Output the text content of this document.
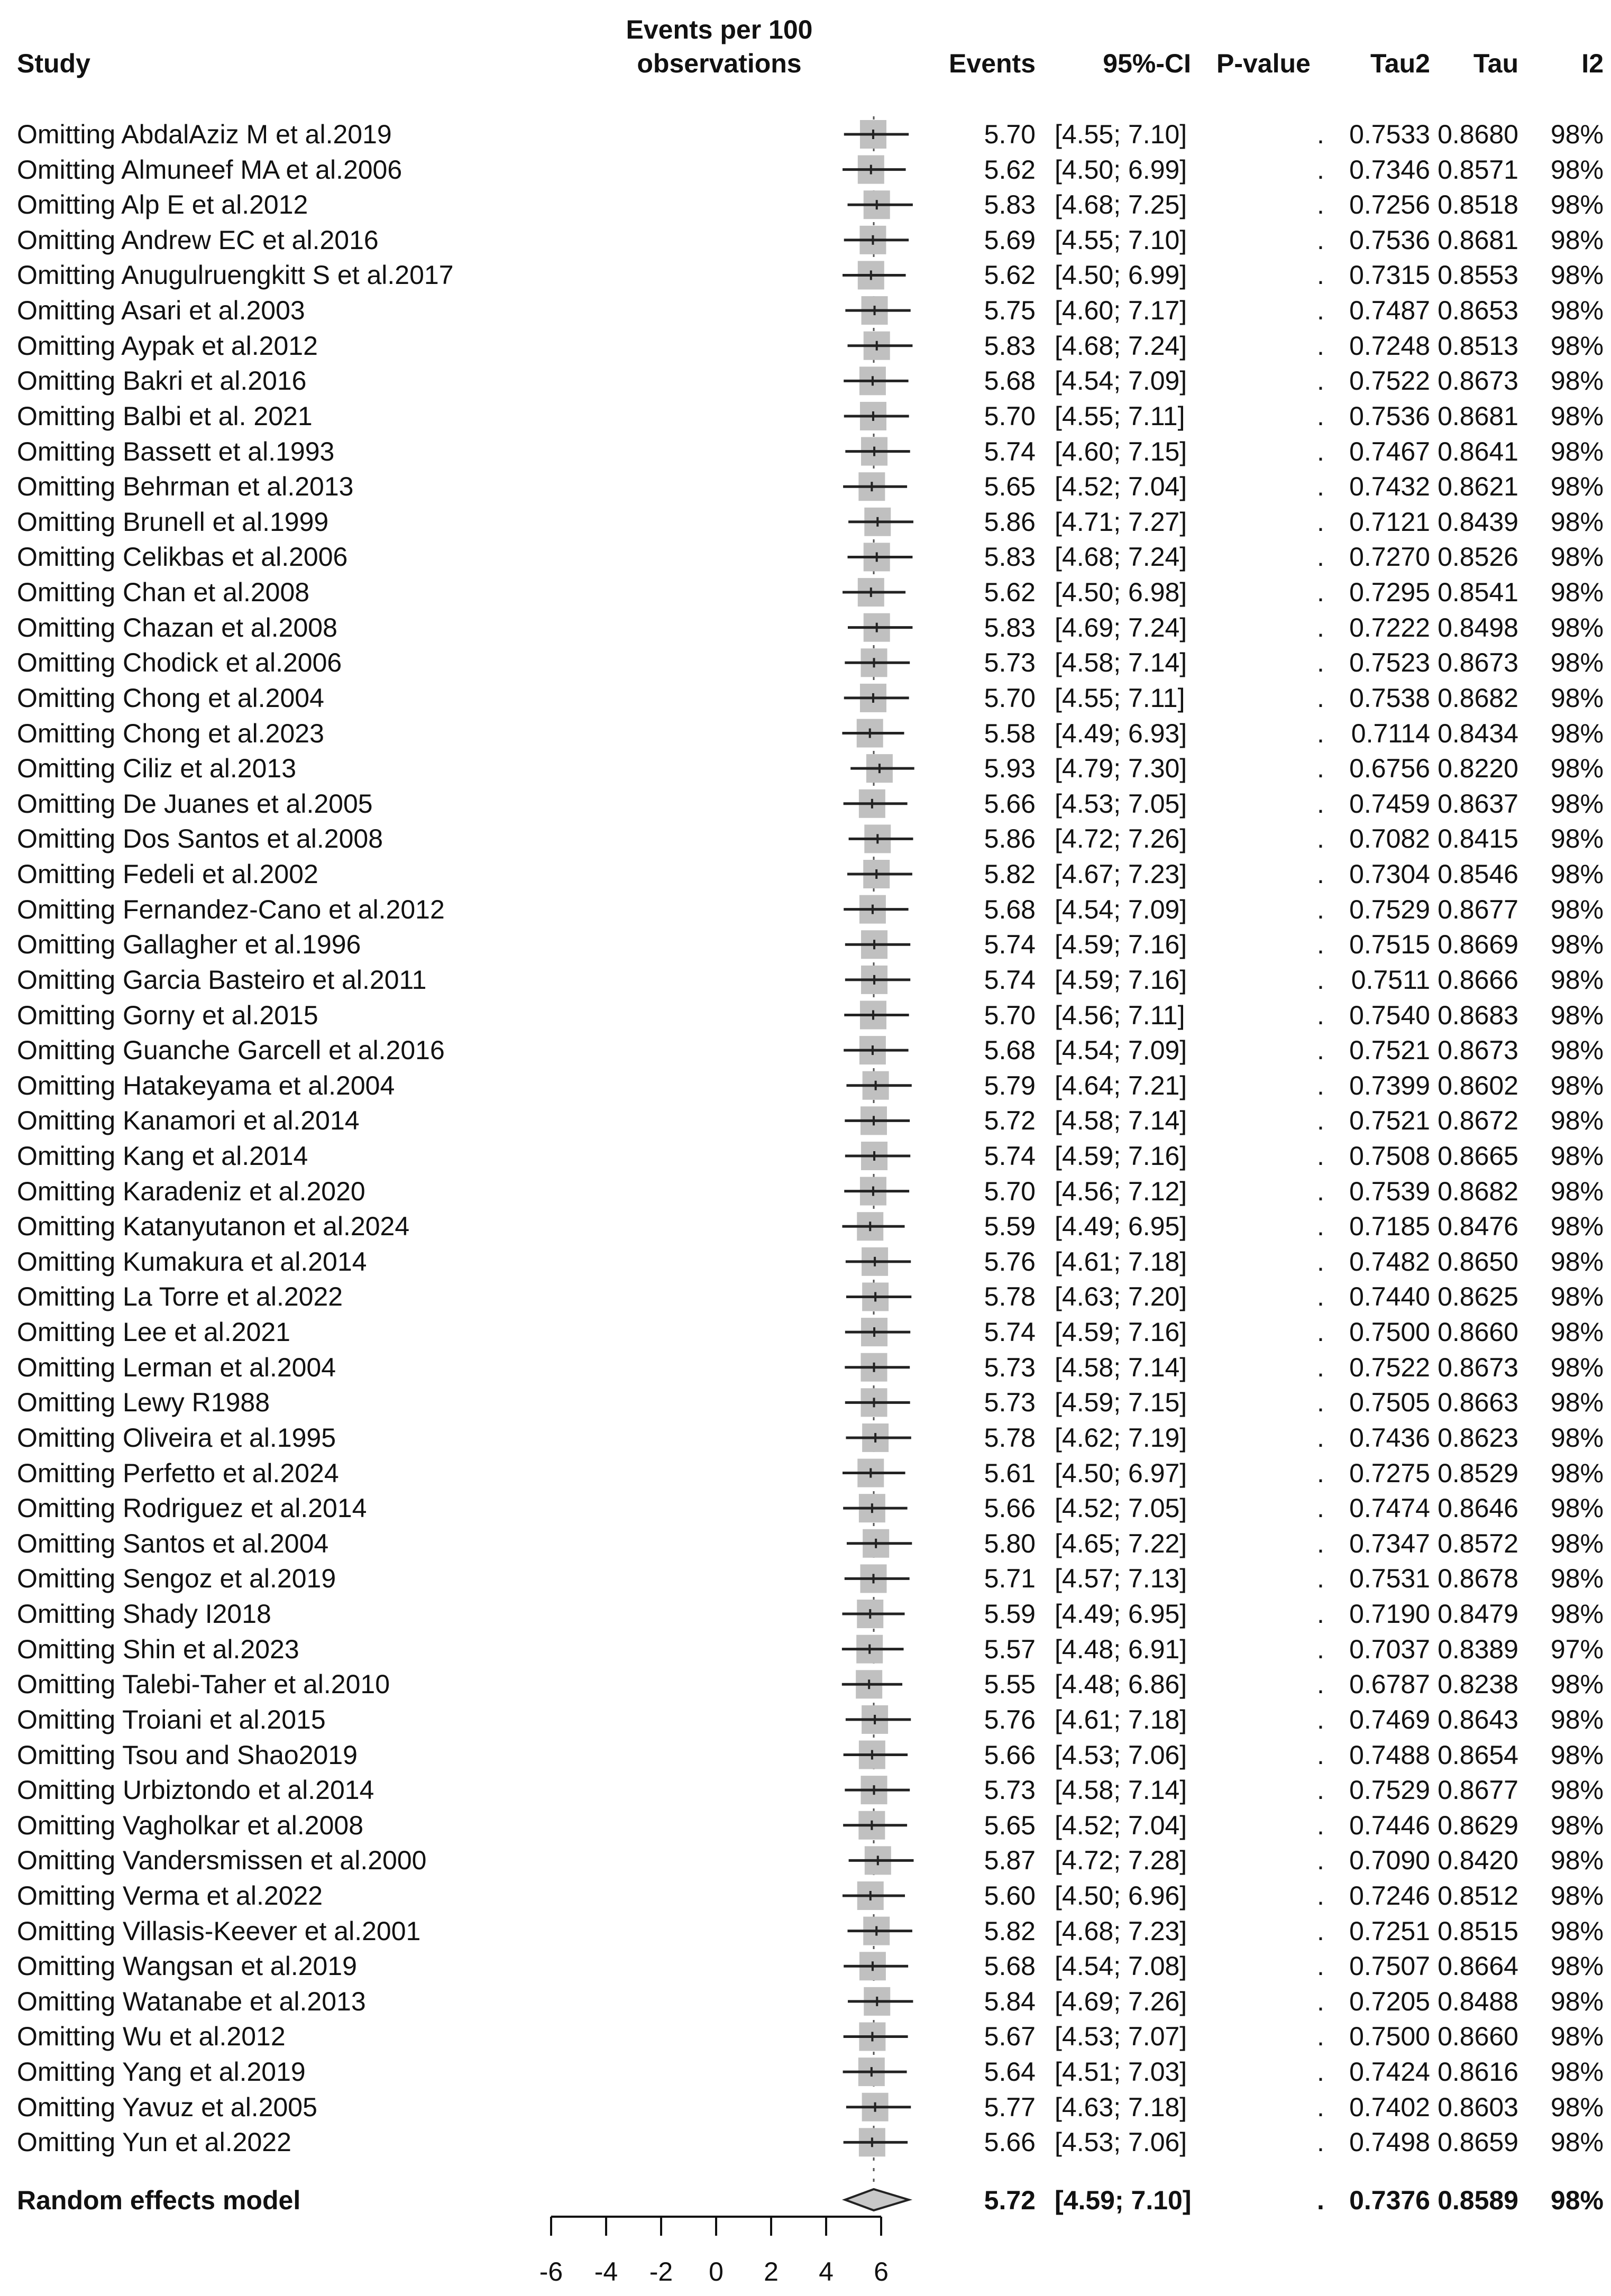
Study
Events per 100
observations	Events	95%-CI P-value Tau2 Tau I2
Omitting AbdalAziz M et al.2019	5.70 [4.55; 7.10]	. 0.7533 0.8680 98%
Omitting Almuneef MA et al.2006	5.62 [4.50; 6.99]	. 0.7346 0.8571 98%
Omitting Alp E et al.2012	5.83 [4.68; 7.25]	. 0.7256 0.8518 98%
Omitting Andrew EC et al.2016	5.69 [4.55; 7.10]	. 0.7536 0.8681 98%
Omitting Anugulruengkitt S et al.2017	5.62 [4.50; 6.99]	. 0.7315 0.8553 98%
Omitting Asari et al.2003	5.75 [4.60; 7.17]	. 0.7487 0.8653 98%
Omitting Aypak et al.2012	5.83 [4.68; 7.24]	. 0.7248 0.8513 98%
Omitting Bakri et al.2016	5.68 [4.54; 7.09]	. 0.7522 0.8673 98%
Omitting Balbi et al. 2021	5.70 [4.55; 7.11]	. 0.7536 0.8681 98%
Omitting Bassett et al.1993	5.74 [4.60; 7.15]	. 0.7467 0.8641 98%
Omitting Behrman et al.2013	5.65 [4.52; 7.04]	. 0.7432 0.8621 98%
Omitting Brunell et al.1999	5.86 [4.71; 7.27]	. 0.7121 0.8439 98%
Omitting Celikbas et al.2006	5.83 [4.68; 7.24]	. 0.7270 0.8526 98%
Omitting Chan et al.2008	5.62 [4.50; 6.98]	. 0.7295 0.8541 98%
Omitting Chazan et al.2008	5.83 [4.69; 7.24]	. 0.7222 0.8498 98%
Omitting Chodick et al.2006	5.73 [4.58; 7.14]	. 0.7523 0.8673 98%
Omitting Chong et al.2004	5.70 [4.55; 7.11]	. 0.7538 0.8682 98%
Omitting Chong et al.2023	5.58 [4.49; 6.93]	. 0.7114 0.8434 98%
Omitting Ciliz et al.2013	5.93 [4.79; 7.30]	. 0.6756 0.8220 98%
Omitting De Juanes et al.2005	5.66 [4.53; 7.05]	. 0.7459 0.8637 98%
Omitting Dos Santos et al.2008	5.86 [4.72; 7.26]	. 0.7082 0.8415 98%
Omitting Fedeli et al.2002	5.82 [4.67; 7.23]	. 0.7304 0.8546 98%
Omitting Fernandez-Cano et al.2012	5.68 [4.54; 7.09]	. 0.7529 0.8677 98%
Omitting Gallagher et al.1996	5.74 [4.59; 7.16]	. 0.7515 0.8669 98%
Omitting Garcia Basteiro et al.2011	5.74 [4.59; 7.16]	. 0.7511 0.8666 98%
Omitting Gorny et al.2015	5.70 [4.56; 7.11]	. 0.7540 0.8683 98%
Omitting Guanche Garcell et al.2016	5.68 [4.54; 7.09]	. 0.7521 0.8673 98%
Omitting Hatakeyama et al.2004	5.79 [4.64; 7.21]	. 0.7399 0.8602 98%
Omitting Kanamori et al.2014	5.72 [4.58; 7.14]	. 0.7521 0.8672 98%
Omitting Kang et al.2014	5.74 [4.59; 7.16]	. 0.7508 0.8665 98%
Omitting Karadeniz et al.2020	5.70 [4.56; 7.12]	. 0.7539 0.8682 98%
Omitting Katanyutanon et al.2024	5.59 [4.49; 6.95]	. 0.7185 0.8476 98%
Omitting Kumakura et al.2014	5.76 [4.61; 7.18]	. 0.7482 0.8650 98%
Omitting La Torre et al.2022	5.78 [4.63; 7.20]	. 0.7440 0.8625 98%
Omitting Lee et al.2021	5.74 [4.59; 7.16]	. 0.7500 0.8660 98%
Omitting Lerman et al.2004	5.73 [4.58; 7.14]	. 0.7522 0.8673 98%
Omitting Lewy R1988	5.73 [4.59; 7.15]	. 0.7505 0.8663 98%
Omitting Oliveira et al.1995	5.78 [4.62; 7.19]	. 0.7436 0.8623 98%
Omitting Perfetto et al.2024	5.61 [4.50; 6.97]	. 0.7275 0.8529 98%
Omitting Rodriguez et al.2014	5.66 [4.52; 7.05]	. 0.7474 0.8646 98%
Omitting Santos et al.2004	5.80 [4.65; 7.22]	. 0.7347 0.8572 98%
Omitting Sengoz et al.2019	5.71 [4.57; 7.13]	. 0.7531 0.8678 98%
Omitting Shady I2018	5.59 [4.49; 6.95]	. 0.7190 0.8479 98%
Omitting Shin et al.2023	5.57 [4.48; 6.91]	. 0.7037 0.8389 97%
Omitting Talebi-Taher et al.2010	5.55 [4.48; 6.86]	. 0.6787 0.8238 98%
Omitting Troiani et al.2015	5.76 [4.61; 7.18]	. 0.7469 0.8643 98%
Omitting Tsou and Shao2019	5.66 [4.53; 7.06]	. 0.7488 0.8654 98%
Omitting Urbiztondo et al.2014	5.73 [4.58; 7.14]	. 0.7529 0.8677 98%
Omitting Vagholkar et al.2008	5.65 [4.52; 7.04]	. 0.7446 0.8629 98%
Omitting Vandersmissen et al.2000	5.87 [4.72; 7.28]	. 0.7090 0.8420 98%
Omitting Verma et al.2022	5.60 [4.50; 6.96]	. 0.7246 0.8512 98%
Omitting Villasis-Keever et al.2001	5.82 [4.68; 7.23]	. 0.7251 0.8515 98%
Omitting Wangsan et al.2019	5.68 [4.54; 7.08]	. 0.7507 0.8664 98%
Omitting Watanabe et al.2013	5.84 [4.69; 7.26]	. 0.7205 0.8488 98%
Omitting Wu et al.2012	5.67 [4.53; 7.07]	. 0.7500 0.8660 98%
Omitting Yang et al.2019	5.64 [4.51; 7.03]	. 0.7424 0.8616 98%
Omitting Yavuz et al.2005	5.77 [4.63; 7.18]	. 0.7402 0.8603 98%
Omitting Yun et al.2022	5.66 [4.53; 7.06]	. 0.7498 0.8659 98%
Random effects model	5.72 [4.59; 7.10]	. 0.7376 0.8589 98%
-6	-4	-2	0	2	4	6
